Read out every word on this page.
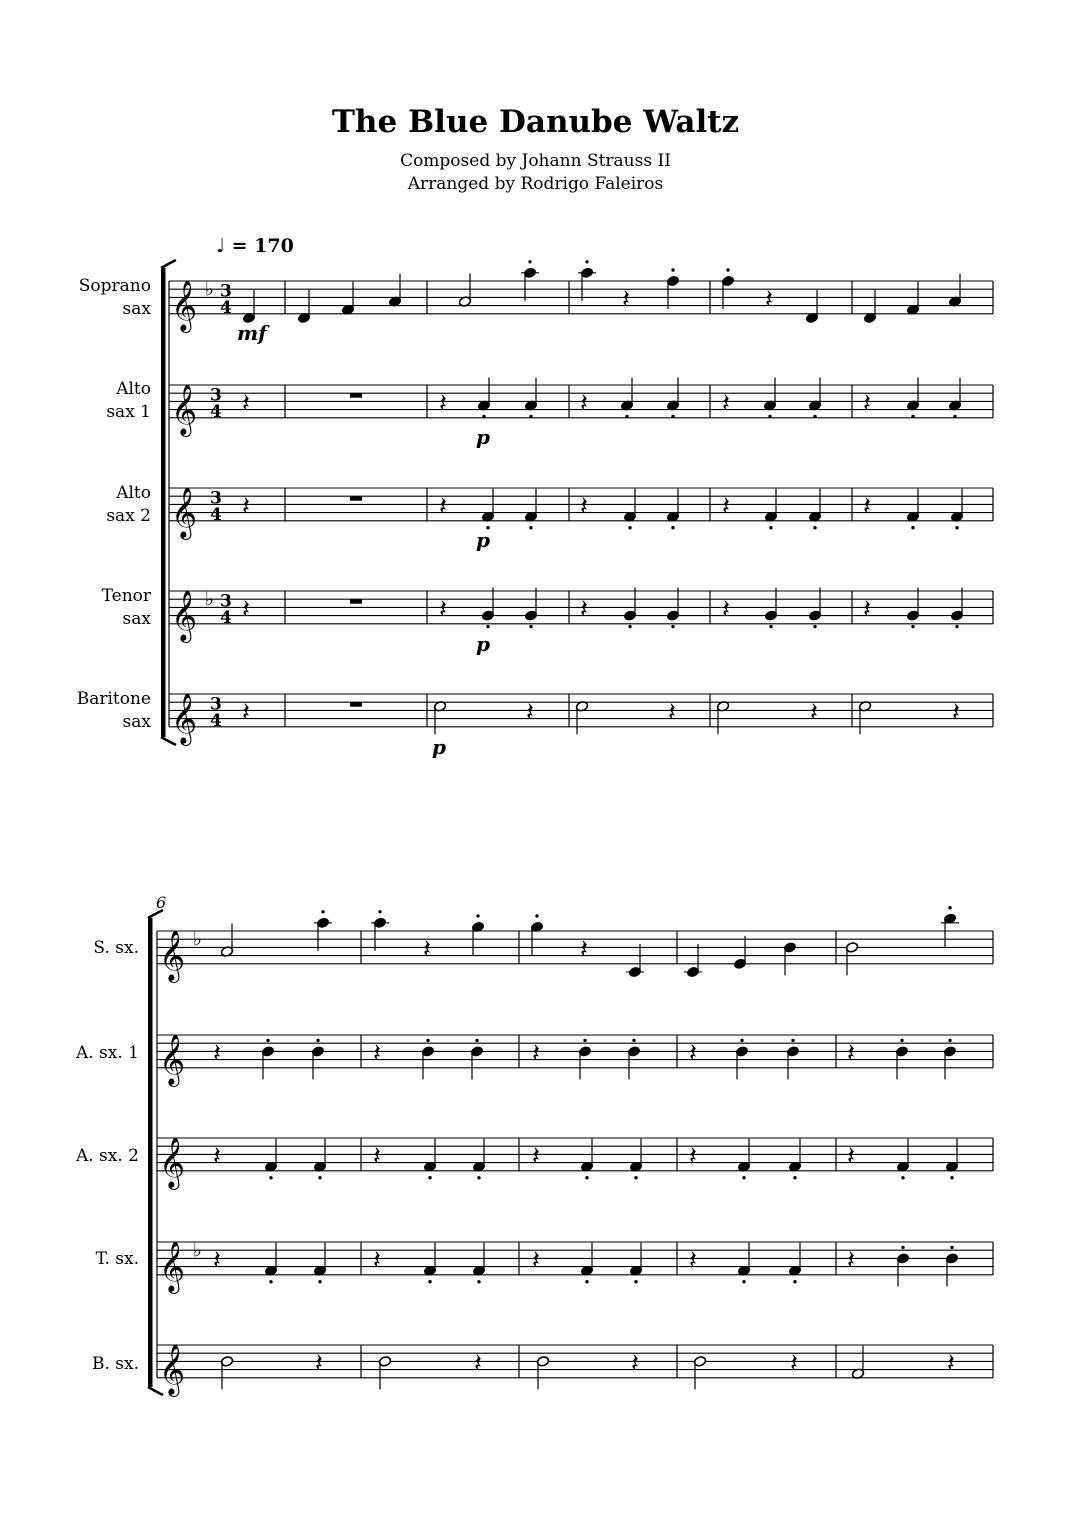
The Blue Danube Waltz
Composed by Johann Strauss II
Arranged by Rodrigo Faleiros
♩ = 170
6
Soprano
sax
Alto
sax 1
Alto
sax 2
Tenor
sax
Baritone
sax
S. sx.
A. sx. 1
A. sx. 2
T. sx.
B. sx.
𝄞 ♭ 3
4
𝄞 3
4
𝄞 3
4
𝄞 ♭ 3
4
𝄞 3
4
𝄽	𝄽
mf
𝄽	𝄽	𝄽	𝄽	𝄽
p
𝄽	𝄽	𝄽	𝄽	𝄽
p
𝄽	𝄽	𝄽	𝄽	𝄽
p
𝄽	𝄽	𝄽	𝄽	𝄽
p
𝄞 ♭
𝄞
𝄞
𝄞 ♭
𝄞
𝄽	𝄽
𝄽	𝄽	𝄽	𝄽	𝄽
𝄽	𝄽	𝄽	𝄽	𝄽
𝄽	𝄽	𝄽	𝄽	𝄽
𝄽	𝄽	𝄽	𝄽	𝄽
